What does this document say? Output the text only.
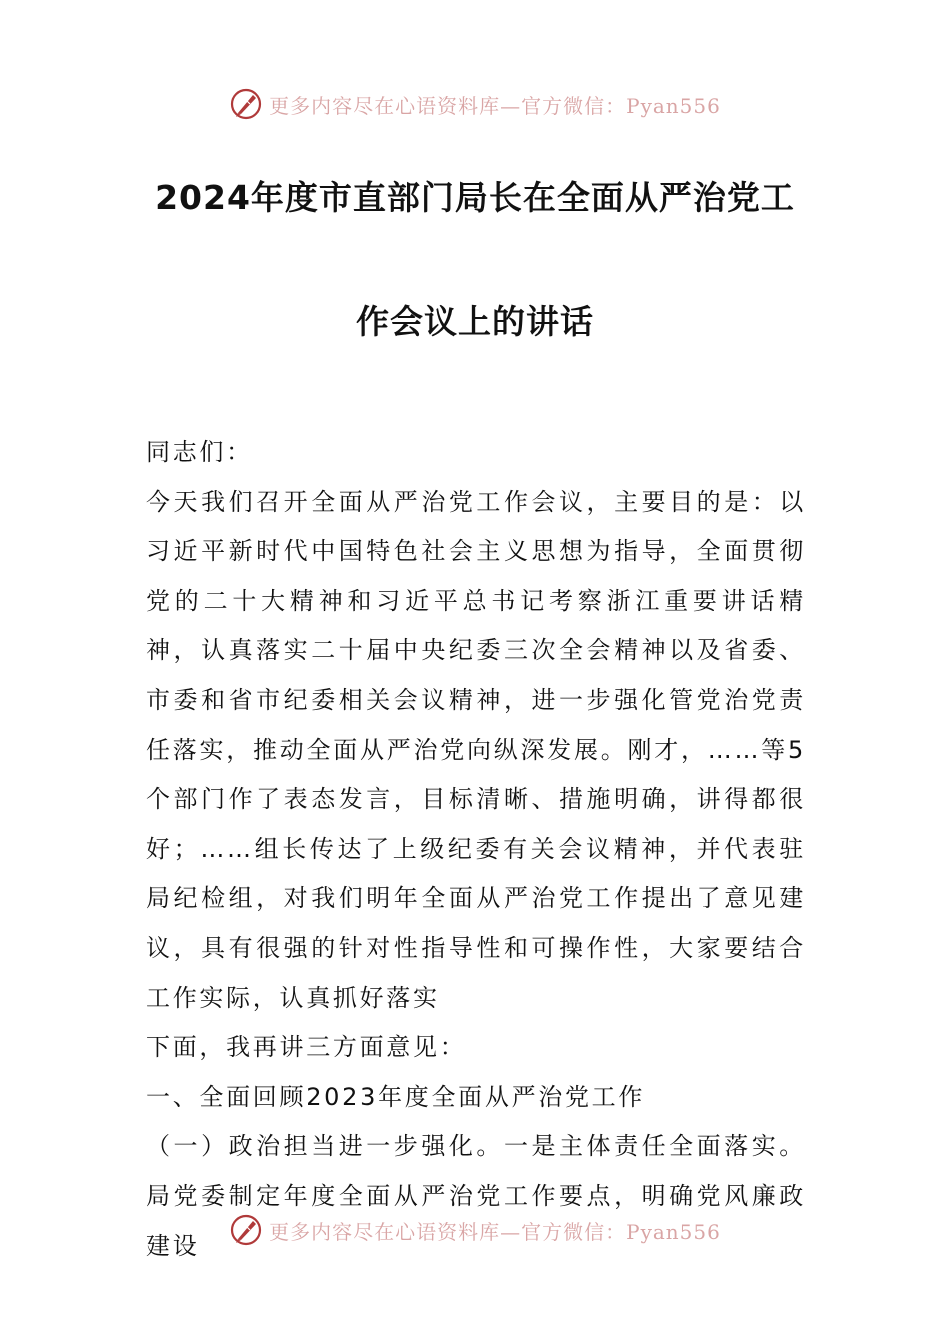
更多内容尽在心语资料库—官方微信：Pyan556
2024年度市直部门局长在全面从严治党工
作会议上的讲话

同志们：

今天我们召开全面从严治党工作会议，主要目的是：以习近平新时代中国特色社会主义思想为指导，全面贯彻党的二十大精神和习近平总书记考察浙江重要讲话精神，认真落实二十届中央纪委三次全会精神以及省委、市委和省市纪委相关会议精神，进一步强化管党治党责任落实，推动全面从严治党向纵深发展。刚才，……等5个部门作了表态发言，目标清晰、措施明确，讲得都很好；……组长传达了上级纪委有关会议精神，并代表驻局纪检组，对我们明年全面从严治党工作提出了意见建议，具有很强的针对性指导性和可操作性，大家要结合工作实际，认真抓好落实

下面，我再讲三方面意见：

一、全面回顾2023年度全面从严治党工作

（一）政治担当进一步强化。一是主体责任全面落实。局党委制定年度全面从严治党工作要点，明确党风廉政建设	更多内容尽在心语资料库—官方微信：Pyan556
